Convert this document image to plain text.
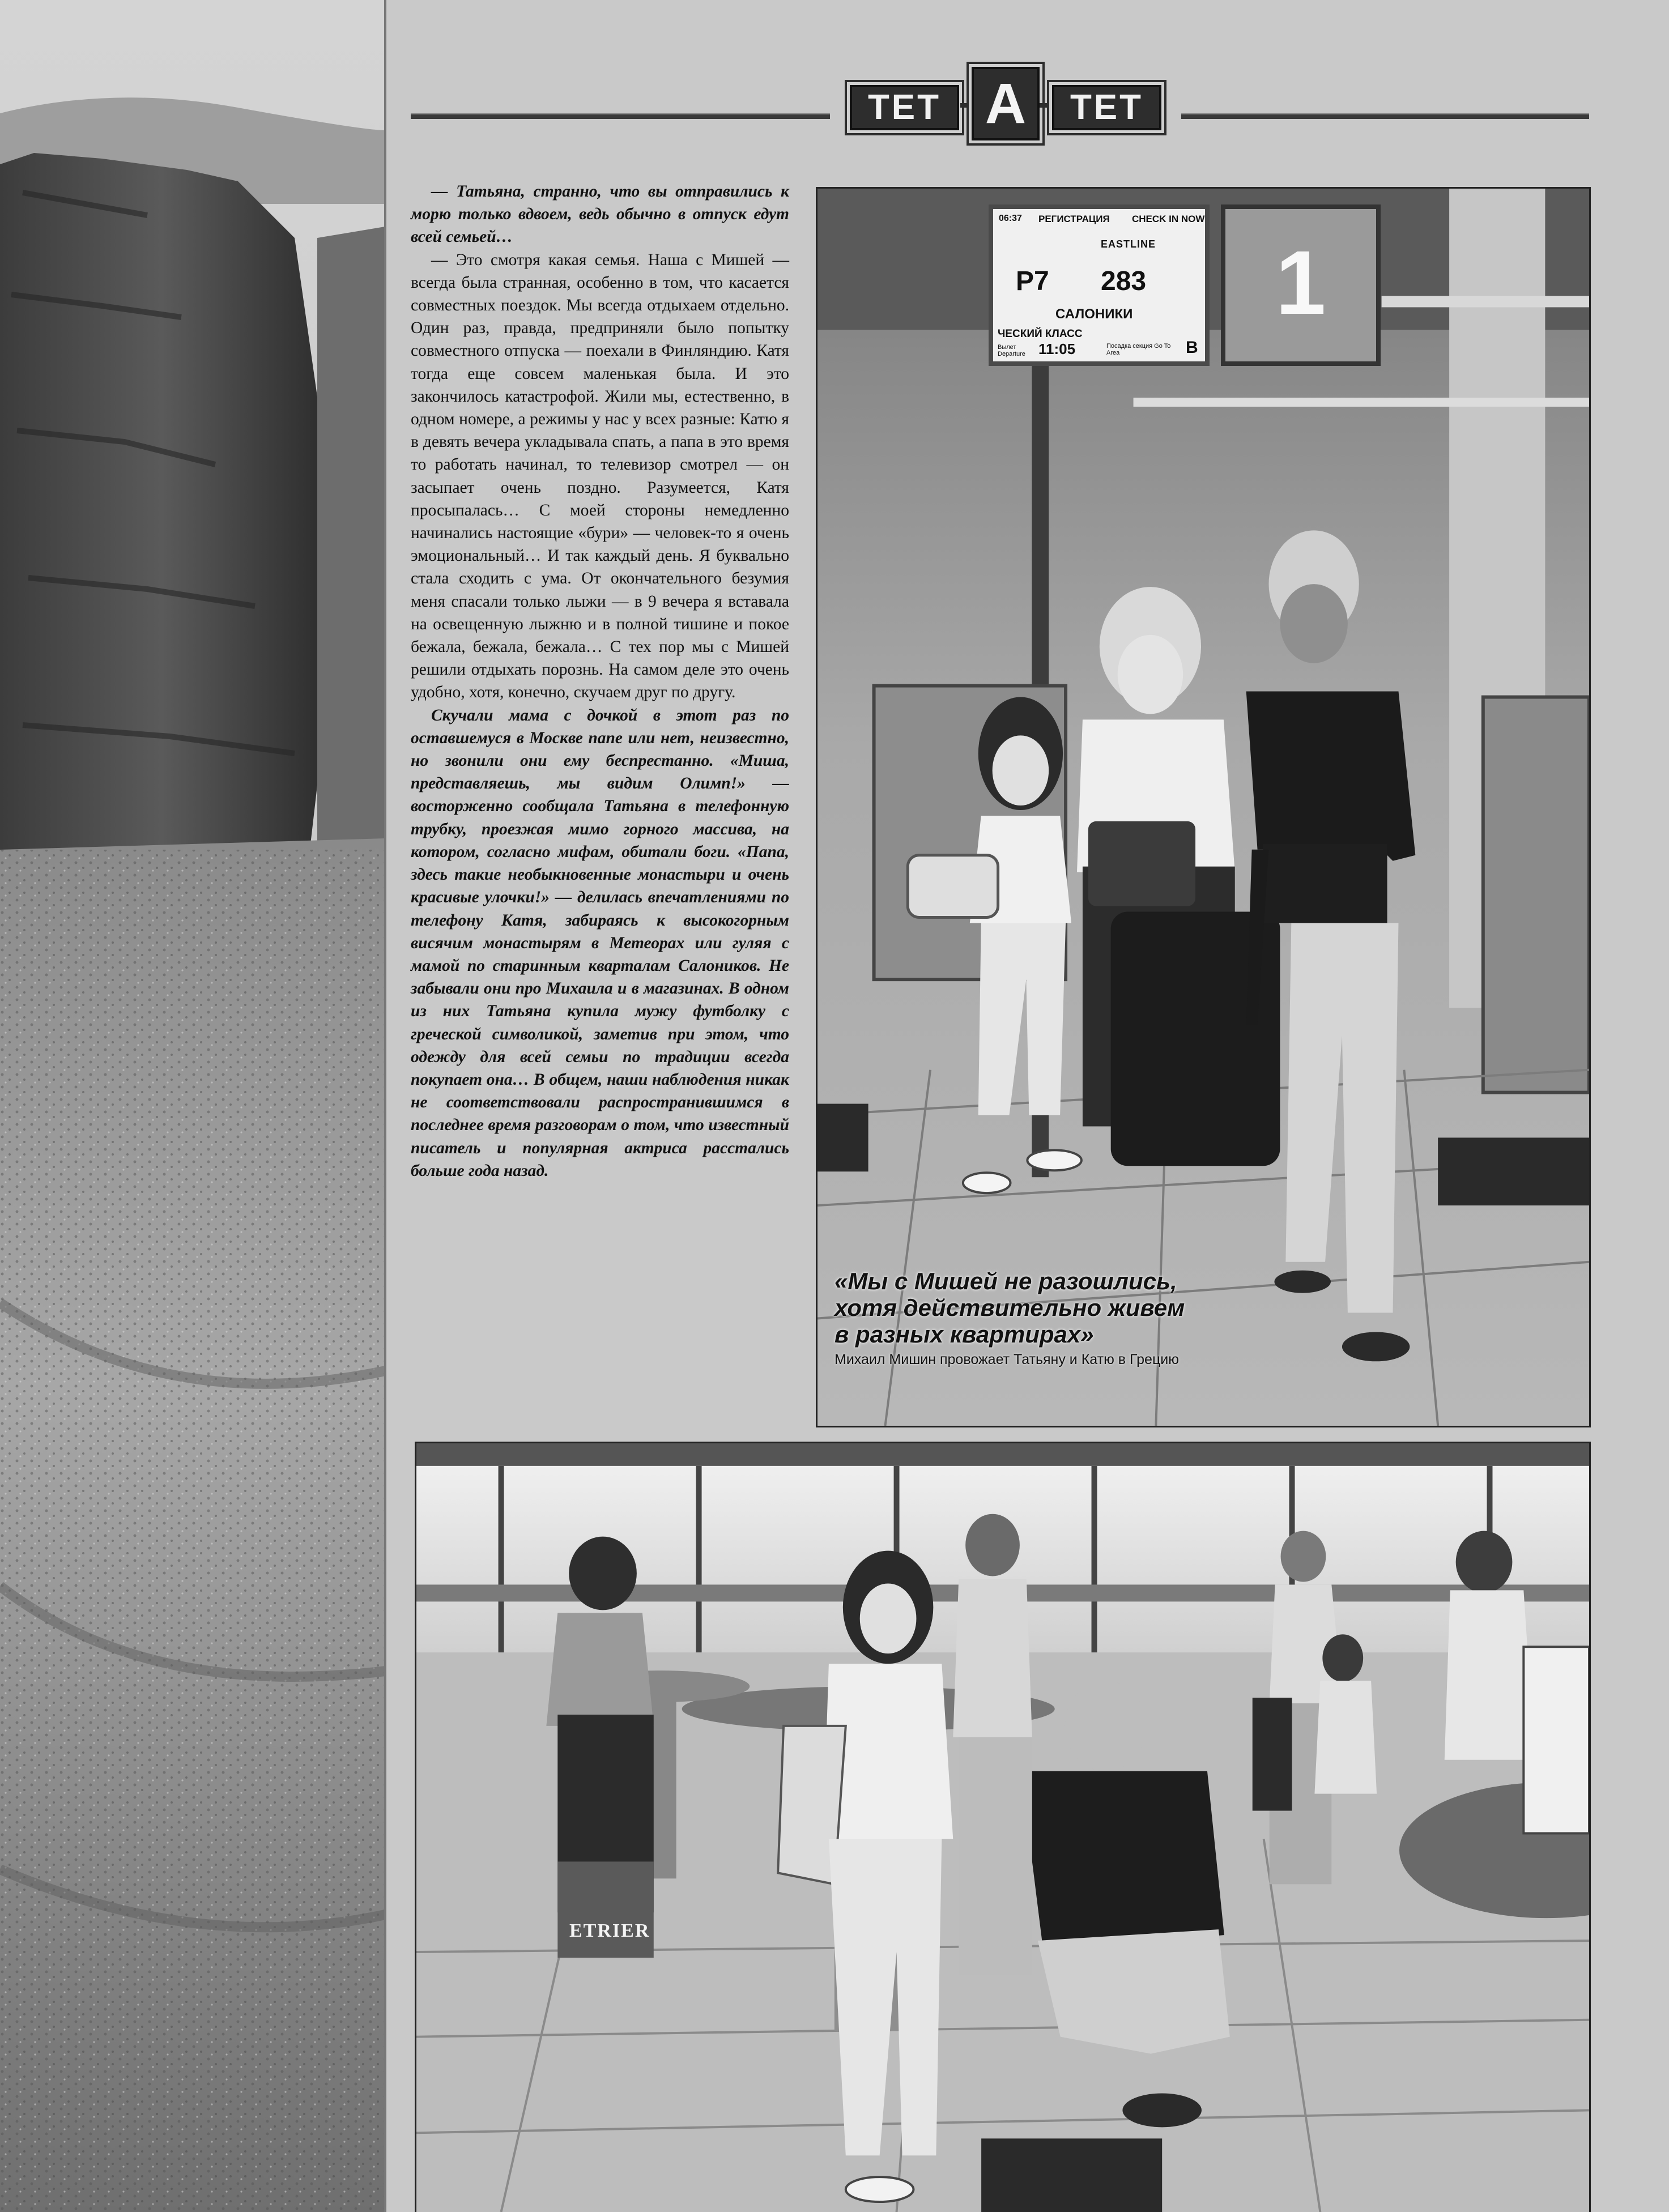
ТЕТ А	ТЕТ

— Татьяна, странно, что вы отправились к морю только вдвоем, ведь обычно в отпуск едут всей семьей…

— Это смотря какая семья. Наша с Мишей — всегда была странная, особенно в том, что касается совместных поездок. Мы всегда отдыхаем отдельно. Один раз, правда, предприняли было попытку совместного отпуска — поехали в Финляндию. Катя тогда еще совсем маленькая была. И это закончилось катастрофой. Жили мы, естественно, в одном номере, а режимы у нас у всех разные: Катю я в девять вечера укладывала спать, а папа в это время то работать начинал, то телевизор смотрел — он засыпает очень поздно. Разумеется, Катя просыпалась… С моей стороны немедленно начинались настоящие «бури» — человек-то я очень эмоциональный… И так каждый день. Я буквально стала сходить с ума. От окончательного безумия меня спасали только лыжи — в 9 вечера я вставала на освещенную лыжню и в полной тишине и покое бежала, бежала, бежала… С тех пор мы с Мишей решили отдыхать порознь. На самом деле это очень удобно, хотя, конечно, скучаем друг по другу.

Скучали мама с дочкой в этот раз по оставшемуся в Москве папе или нет, неизвестно, но звонили они ему беспрестанно. «Миша, представляешь, мы видим Олимп!» — восторженно сообщала Татьяна в телефонную трубку, проезжая мимо горного массива, на котором, согласно мифам, обитали боги. «Папа, здесь такие необыкновенные монастыри и очень красивые улочки!» — делилась впечатлениями по телефону Катя, забираясь к высокогорным висячим монастырям в Метеорах или гуляя с мамой по старинным кварталам Салоников. Не забывали они про Михаила и в магазинах. В одном из них Татьяна купила мужу футболку с греческой символикой, заметив при этом, что одежду для всей семьи по традиции всегда покупает она… В общем, наши наблюдения никак не соответствовали распространившимся в последнее время разговорам о том, что известный писатель и популярная актриса расстались больше года назад.

06:37 РЕГИСТРАЦИЯ CHECK IN NOW
EASTLINE
P7 283
САЛОНИКИ
ЧЕСКИЙ КЛАСС
Вылет Departure 11:05	Посадка секция Go To Area	B
1
«Мы с Мишей не разошлись, хотя действительно живем в разных квартирах»
Михаил Мишин провожает Татьяну и Катю в Грецию
ETRIER
